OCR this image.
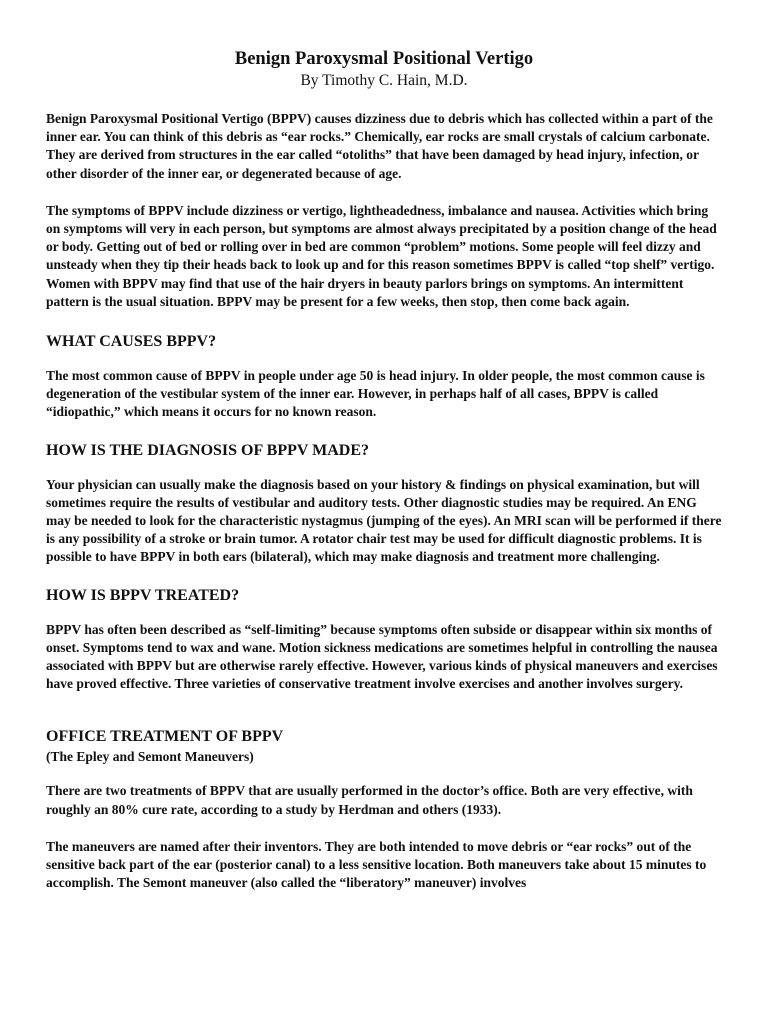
Benign Paroxysmal Positional Vertigo
By Timothy C. Hain, M.D.

Benign Paroxysmal Positional Vertigo (BPPV) causes dizziness due to debris which has collected within a part of the inner ear. You can think of this debris as “ear rocks.” Chemically, ear rocks are small crystals of calcium carbonate. They are derived from structures in the ear called “otoliths” that have been damaged by head injury, infection, or other disorder of the inner ear, or degenerated because of age.

The symptoms of BPPV include dizziness or vertigo, lightheadedness, imbalance and nausea. Activities which bring on symptoms will very in each person, but symptoms are almost always precipitated by a position change of the head or body. Getting out of bed or rolling over in bed are common “problem” motions. Some people will feel dizzy and unsteady when they tip their heads back to look up and for this reason sometimes BPPV is called “top shelf” vertigo. Women with BPPV may find that use of the hair dryers in beauty parlors brings on symptoms. An intermittent pattern is the usual situation. BPPV may be present for a few weeks, then stop, then come back again.

WHAT CAUSES BPPV?

The most common cause of BPPV in people under age 50 is head injury. In older people, the most common cause is degeneration of the vestibular system of the inner ear. However, in perhaps half of all cases, BPPV is called “idiopathic,” which means it occurs for no known reason.

HOW IS THE DIAGNOSIS OF BPPV MADE?

Your physician can usually make the diagnosis based on your history & findings on physical examination, but will sometimes require the results of vestibular and auditory tests. Other diagnostic studies may be required. An ENG may be needed to look for the characteristic nystagmus (jumping of the eyes). An MRI scan will be performed if there is any possibility of a stroke or brain tumor. A rotator chair test may be used for difficult diagnostic problems. It is possible to have BPPV in both ears (bilateral), which may make diagnosis and treatment more challenging.

HOW IS BPPV TREATED?

BPPV has often been described as “self-limiting” because symptoms often subside or disappear within six months of onset. Symptoms tend to wax and wane. Motion sickness medications are sometimes helpful in controlling the nausea associated with BPPV but are otherwise rarely effective. However, various kinds of physical maneuvers and exercises have proved effective. Three varieties of conservative treatment involve exercises and another involves surgery.

OFFICE TREATMENT OF BPPV
(The Epley and Semont Maneuvers)

There are two treatments of BPPV that are usually performed in the doctor’s office. Both are very effective, with roughly an 80% cure rate, according to a study by Herdman and others (1933).

The maneuvers are named after their inventors. They are both intended to move debris or “ear rocks” out of the sensitive back part of the ear (posterior canal) to a less sensitive location. Both maneuvers take about 15 minutes to accomplish. The Semont maneuver (also called the “liberatory” maneuver) involves
